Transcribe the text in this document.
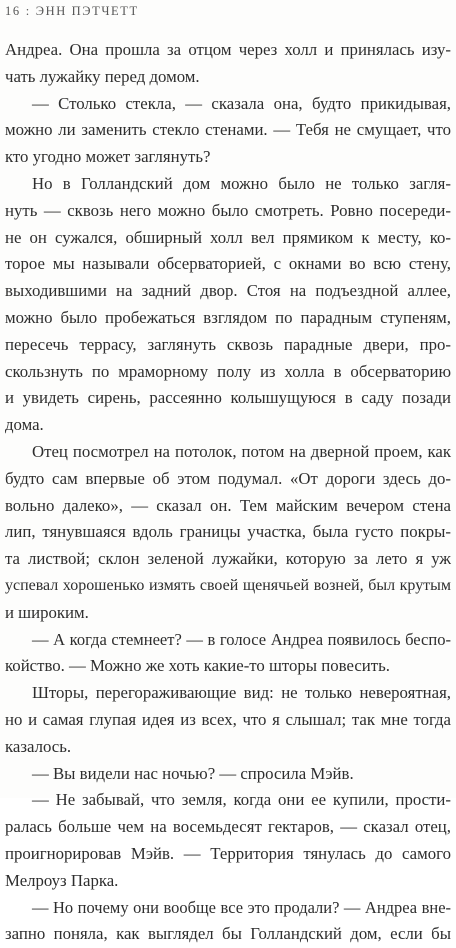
16 : ЭНН ПЭТЧЕТТ
Андреа. Она прошла за отцом через холл и принялась изу-
чать лужайку перед домом.
— Столько стекла, — сказала она, будто прикидывая,
можно ли заменить стекло стенами. — Тебя не смущает, что
кто угодно может заглянуть?
Но в Голландский дом можно было не только загля-
нуть — сквозь него можно было смотреть. Ровно посереди-
не он сужался, обширный холл вел прямиком к месту, ко-
торое мы называли обсерваторией, с окнами во всю стену,
выходившими на задний двор. Стоя на подъездной аллее,
можно было пробежаться взглядом по парадным ступеням,
пересечь террасу, заглянуть сквозь парадные двери, про-
скользнуть по мраморному полу из холла в обсерваторию
и увидеть сирень, рассеянно колышущуюся в саду позади
дома.
Отец посмотрел на потолок, потом на дверной проем, как
будто сам впервые об этом подумал. «От дороги здесь до-
вольно далеко», — сказал он. Тем майским вечером стена
лип, тянувшаяся вдоль границы участка, была густо покры-
та листвой; склон зеленой лужайки, которую за лето я уж
успевал хорошенько измять своей щенячьей возней, был крутым
и широким.
— А когда стемнеет? — в голосе Андреа появилось беспо-
койство. — Можно же хоть какие-то шторы повесить.
Шторы, перегораживающие вид: не только невероятная,
но и самая глупая идея из всех, что я слышал; так мне тогда
казалось.
— Вы видели нас ночью? — спросила Мэйв.
— Не забывай, что земля, когда они ее купили, прости-
ралась больше чем на восемьдесят гектаров, — сказал отец,
проигнорировав Мэйв. — Территория тянулась до самого
Мелроуз Парка.
— Но почему они вообще все это продали? — Андреа вне-
запно поняла, как выглядел бы Голландский дом, если бы
